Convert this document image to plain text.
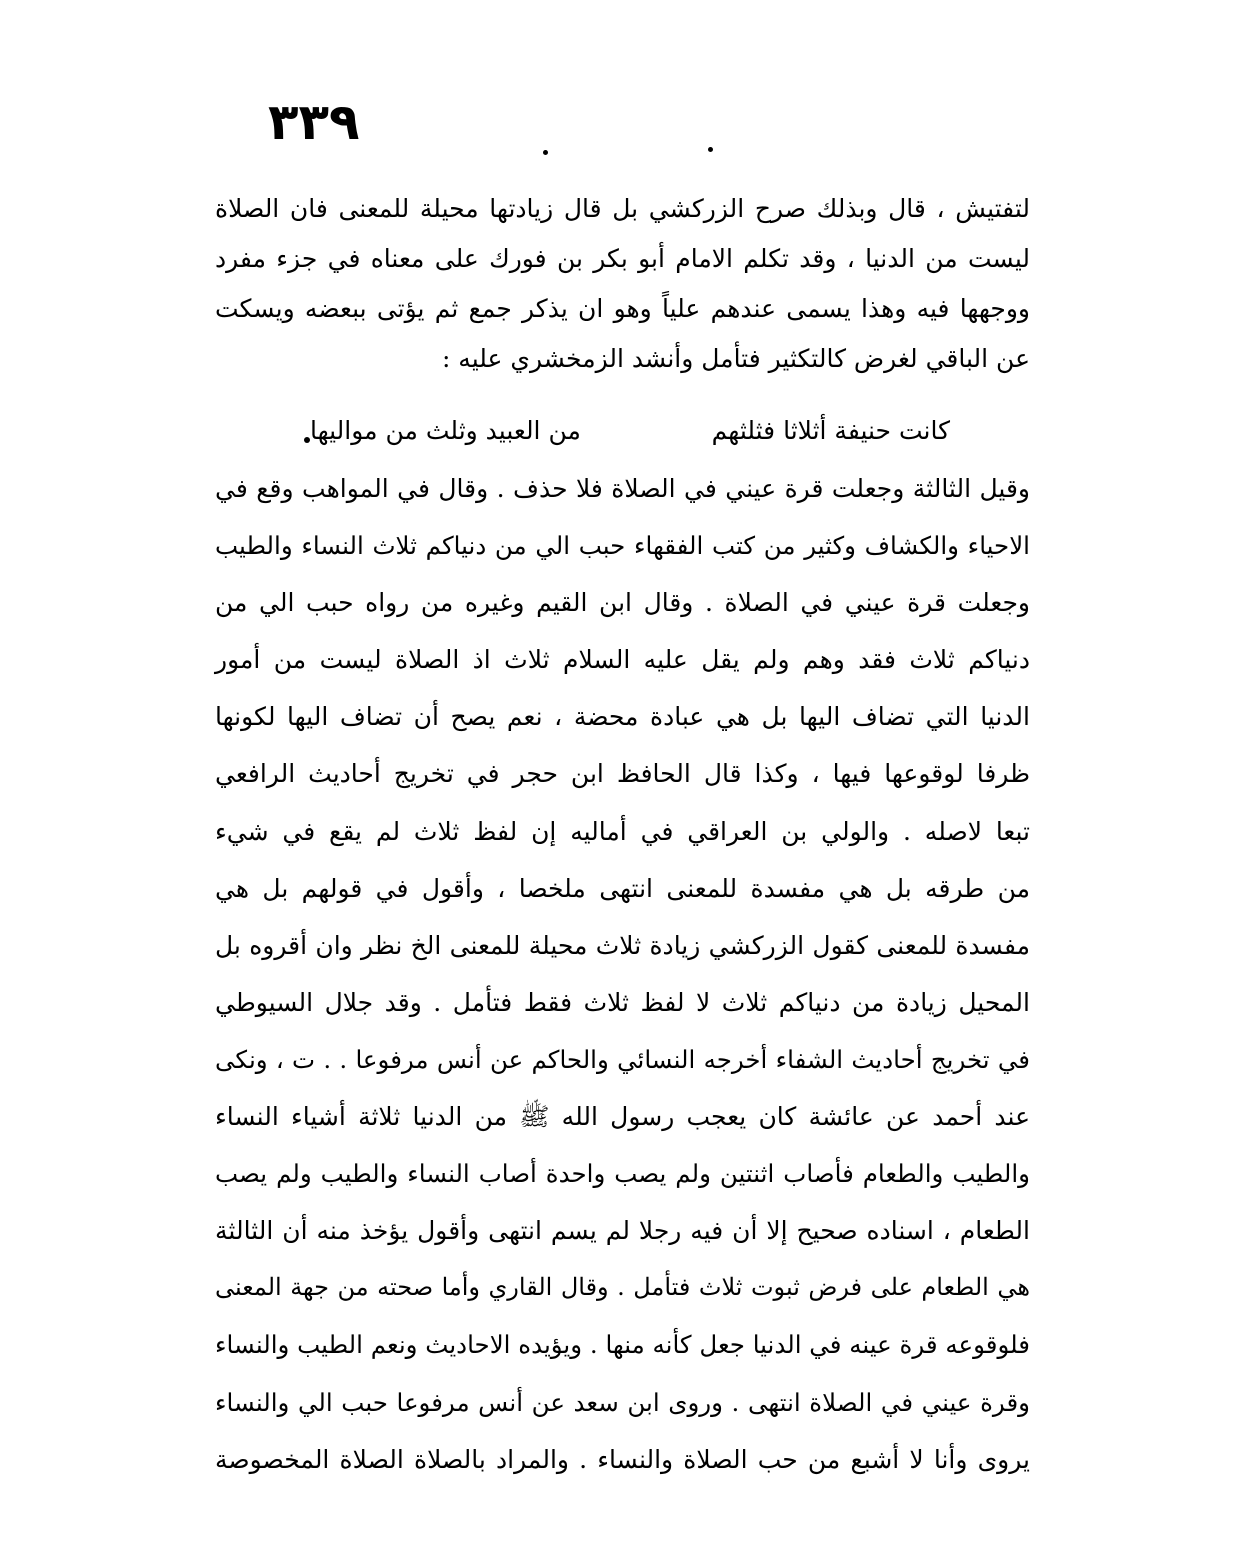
٣٣٩
لتفتيش ، قال وبذلك صرح الزركشي بل قال زيادتها محيلة للمعنى فان الصلاة
ليست من الدنيا ، وقد تكلم الامام أبو بكر بن فورك على معناه في جزء مفرد
ووجهها فيه وهذا يسمى عندهم علياً وهو ان يذكر جمع ثم يؤتى ببعضه ويسكت
عن الباقي لغرض كالتكثير فتأمل وأنشد الزمخشري عليه :
كانت حنيفة أثلاثا فثلثهم
من العبيد وثلث من مواليها
وقيل الثالثة وجعلت قرة عيني في الصلاة فلا حذف . وقال في المواهب وقع في
الاحياء والكشاف وكثير من كتب الفقهاء حبب الي من دنياكم ثلاث النساء والطيب
وجعلت قرة عيني في الصلاة . وقال ابن القيم وغيره من رواه حبب الي من
دنياكم ثلاث فقد وهم ولم يقل عليه السلام ثلاث اذ الصلاة ليست من أمور
الدنيا التي تضاف اليها بل هي عبادة محضة ، نعم يصح أن تضاف اليها لكونها
ظرفا لوقوعها فيها ، وكذا قال الحافظ ابن حجر في تخريج أحاديث الرافعي
تبعا لاصله . والولي بن العراقي في أماليه إن لفظ ثلاث لم يقع في شيء
من طرقه بل هي مفسدة للمعنى انتهى ملخصا ، وأقول في قولهم بل هي
مفسدة للمعنى كقول الزركشي زيادة ثلاث محيلة للمعنى الخ نظر وان أقروه بل
المحيل زيادة من دنياكم ثلاث لا لفظ ثلاث فقط فتأمل . وقد جلال السيوطي
في تخريج أحاديث الشفاء أخرجه النسائي والحاكم عن أنس مرفوعا . . ت ، ونكى
عند أحمد عن عائشة كان يعجب رسول الله ﷺ من الدنيا ثلاثة أشياء النساء
والطيب والطعام فأصاب اثنتين ولم يصب واحدة أصاب النساء والطيب ولم يصب
الطعام ، اسناده صحيح إلا أن فيه رجلا لم يسم انتهى وأقول يؤخذ منه أن الثالثة
هي الطعام على فرض ثبوت ثلاث فتأمل . وقال القاري وأما صحته من جهة المعنى
فلوقوعه قرة عينه في الدنيا جعل كأنه منها . ويؤيده الاحاديث ونعم الطيب والنساء
وقرة عيني في الصلاة انتهى . وروى ابن سعد عن أنس مرفوعا حبب الي والنساء
يروى وأنا لا أشبع من حب الصلاة والنساء . والمراد بالصلاة الصلاة المخصوصة
